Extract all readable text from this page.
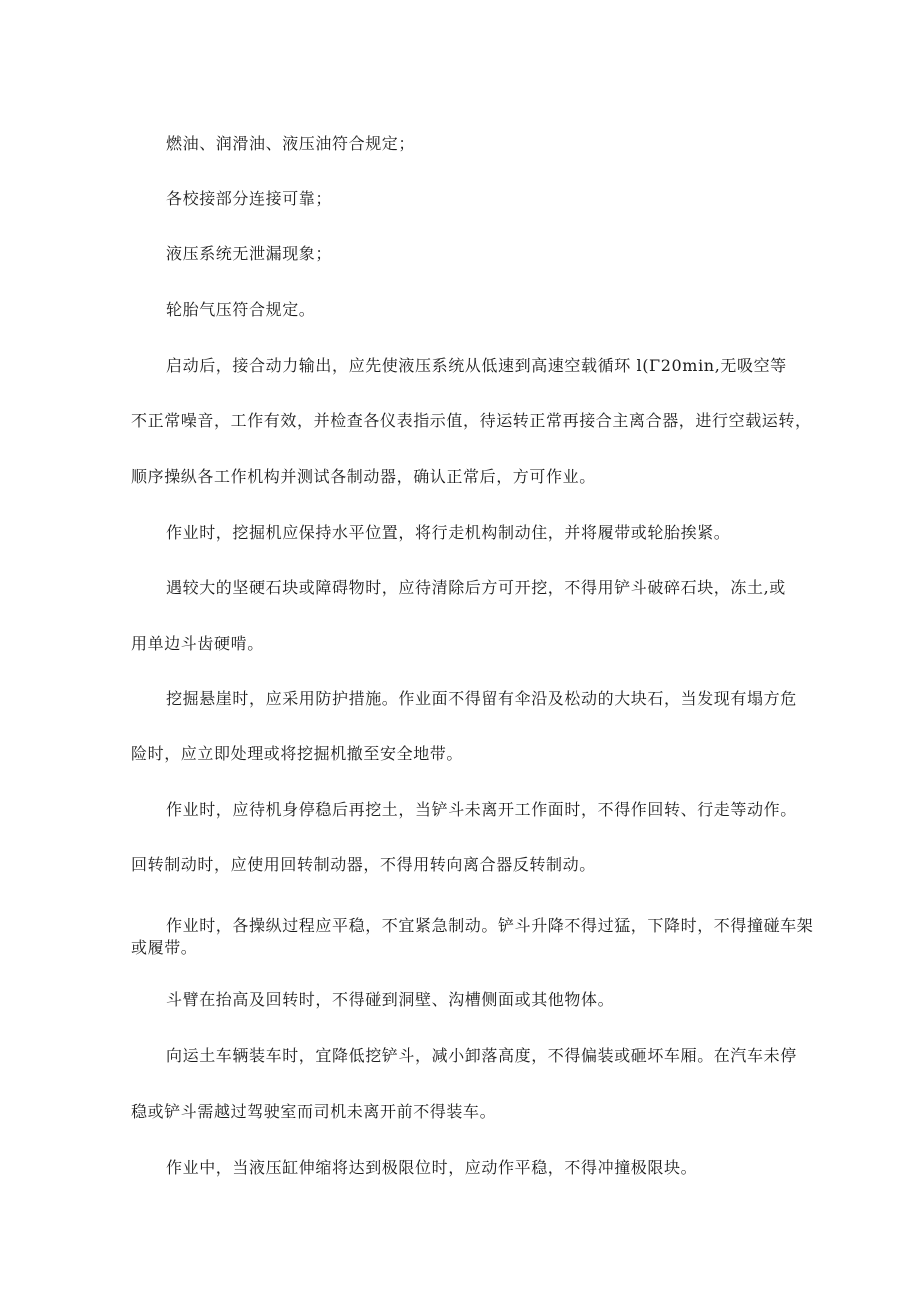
燃油、润滑油、液压油符合规定；
各校接部分连接可靠；
液压系统无泄漏现象；
轮胎气压符合规定。
启动后，接合动力输出，应先使液压系统从低速到高速空载循环 l(Γ20min,无吸空等
不正常噪音，工作有效，并检查各仪表指示值，待运转正常再接合主离合器，进行空载运转，
顺序操纵各工作机构并测试各制动器，确认正常后，方可作业。
作业时，挖掘机应保持水平位置，将行走机构制动住，并将履带或轮胎挨紧。
遇较大的坚硬石块或障碍物时，应待清除后方可开挖，不得用铲斗破碎石块，冻土,或
用单边斗齿硬啃。
挖掘悬崖时，应采用防护措施。作业面不得留有伞沿及松动的大块石，当发现有塌方危
险时，应立即处理或将挖掘机撤至安全地带。
作业时，应待机身停稳后再挖土，当铲斗未离开工作面时，不得作回转、行走等动作。
回转制动时，应使用回转制动器，不得用转向离合器反转制动。
作业时，各操纵过程应平稳，不宜紧急制动。铲斗升降不得过猛，下降时，不得撞碰车架或履带。
斗臂在抬高及回转时，不得碰到洞壁、沟槽侧面或其他物体。
向运土车辆装车时，宜降低挖铲斗，减小卸落高度，不得偏装或砸坏车厢。在汽车未停
稳或铲斗需越过驾驶室而司机未离开前不得装车。
作业中，当液压缸伸缩将达到极限位时，应动作平稳，不得冲撞极限块。
